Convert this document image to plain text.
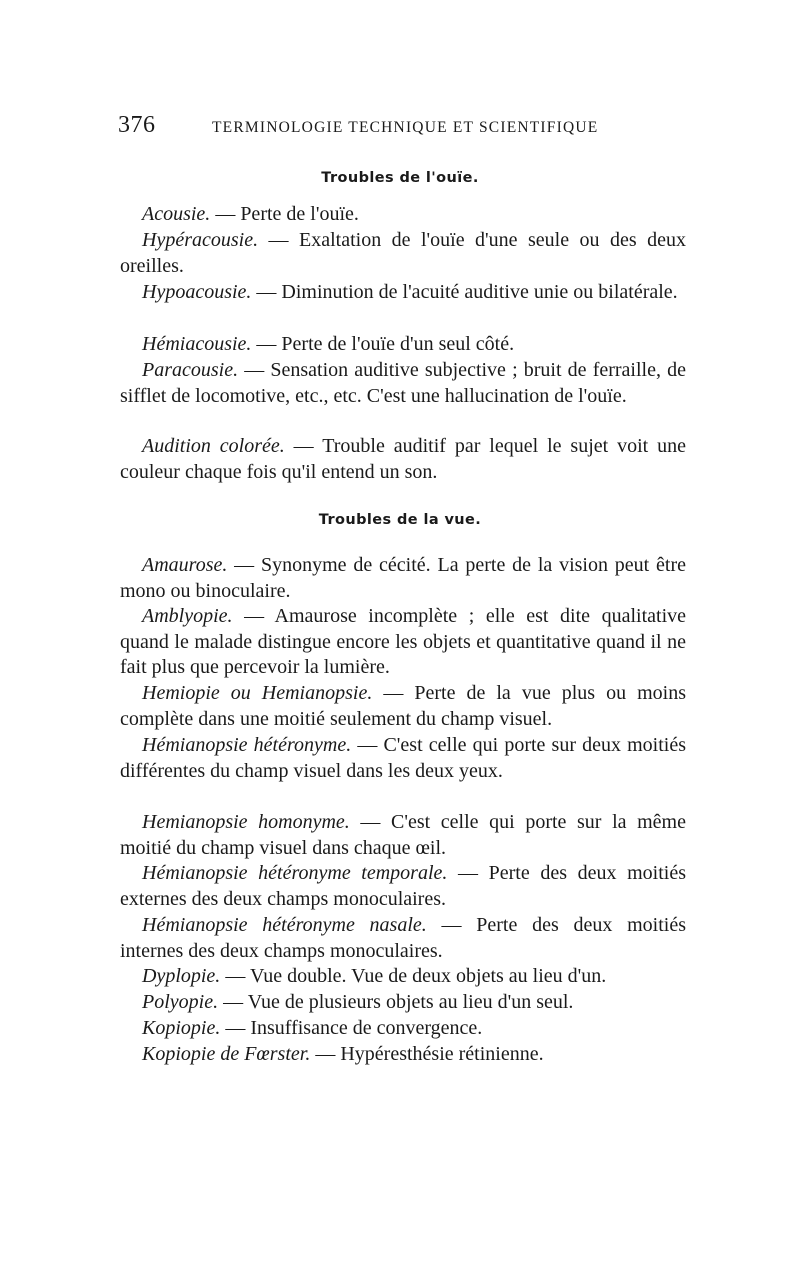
376	TERMINOLOGIE TECHNIQUE ET SCIENTIFIQUE
Troubles de l'ouïe.

Acousie. — Perte de l'ouïe.

Hypéracousie. — Exaltation de l'ouïe d'une seule ou des deux oreilles.

Hypoacousie. — Diminution de l'acuité auditive unie ou bilatérale.

Hémiacousie. — Perte de l'ouïe d'un seul côté.

Paracousie. — Sensation auditive subjective ; bruit de ferraille, de sifflet de locomotive, etc., etc. C'est une hallucination de l'ouïe.

Audition colorée. — Trouble auditif par lequel le sujet voit une couleur chaque fois qu'il entend un son.

Troubles de la vue.

Amaurose. — Synonyme de cécité. La perte de la vision peut être mono ou binoculaire.

Amblyopie. — Amaurose incomplète ; elle est dite qualitative quand le malade distingue encore les objets et quantitative quand il ne fait plus que percevoir la lumière.

Hemiopie ou Hemianopsie. — Perte de la vue plus ou moins complète dans une moitié seulement du champ visuel.

Hémianopsie hétéronyme. — C'est celle qui porte sur deux moitiés différentes du champ visuel dans les deux yeux.

Hemianopsie homonyme. — C'est celle qui porte sur la même moitié du champ visuel dans chaque œil.

Hémianopsie hétéronyme temporale. — Perte des deux moitiés externes des deux champs monoculaires.

Hémianopsie hétéronyme nasale. — Perte des deux moitiés internes des deux champs monoculaires.

Dyplopie. — Vue double. Vue de deux objets au lieu d'un.

Polyopie. — Vue de plusieurs objets au lieu d'un seul.

Kopiopie. — Insuffisance de convergence.

Kopiopie de Fœrster. — Hypéresthésie rétinienne.
